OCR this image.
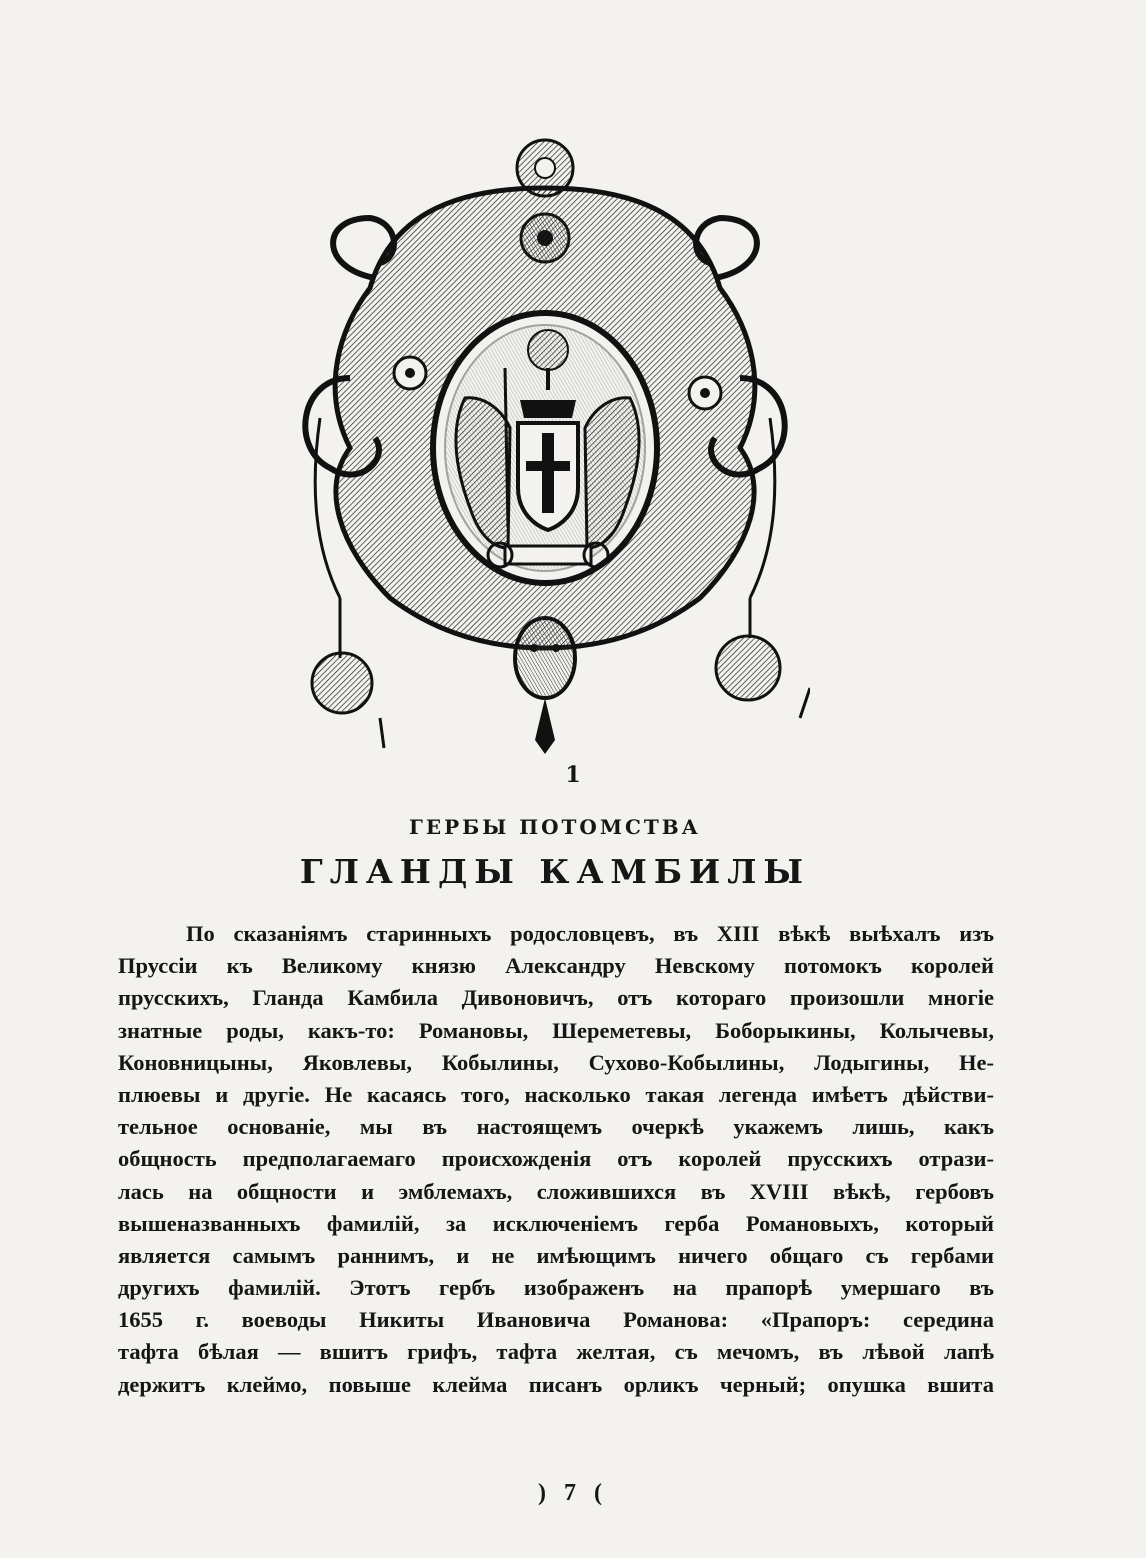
1
ГЕРБЫ ПОТОМСТВА
ГЛАНДЫ КАМБИЛЫ
По сказаніямъ старинныхъ родословцевъ, въ XIII вѣкѣ выѣхалъ изъ
Пруссіи къ Великому князю Александру Невскому потомокъ королей
прусскихъ, Гланда Камбила Дивоновичъ, отъ котораго произошли многіе
знатные роды, какъ-то: Романовы, Шереметевы, Боборыкины, Колычевы,
Коновницыны, Яковлевы, Кобылины, Сухово-Кобылины, Лодыгины, Не-
плюевы и другіе. Не касаясь того, насколько такая легенда имѣетъ дѣйстви-
тельное основаніе, мы въ настоящемъ очеркѣ укажемъ лишь, какъ
общность предполагаемаго происхожденія отъ королей прусскихъ отрази-
лась на общности и эмблемахъ, сложившихся въ XVIII вѣкѣ, гербовъ
вышеназванныхъ фамилій, за исключеніемъ герба Романовыхъ, который
является самымъ раннимъ, и не имѣющимъ ничего общаго съ гербами
другихъ фамилій. Этотъ гербъ изображенъ на прапорѣ умершаго въ
1655 г. воеводы Никиты Ивановича Романова: «Прапоръ: середина
тафта бѣлая — вшитъ грифъ, тафта желтая, съ мечомъ, въ лѣвой лапѣ
держитъ клеймо, повыше клейма писанъ орликъ черный; опушка вшита
) 7 (
